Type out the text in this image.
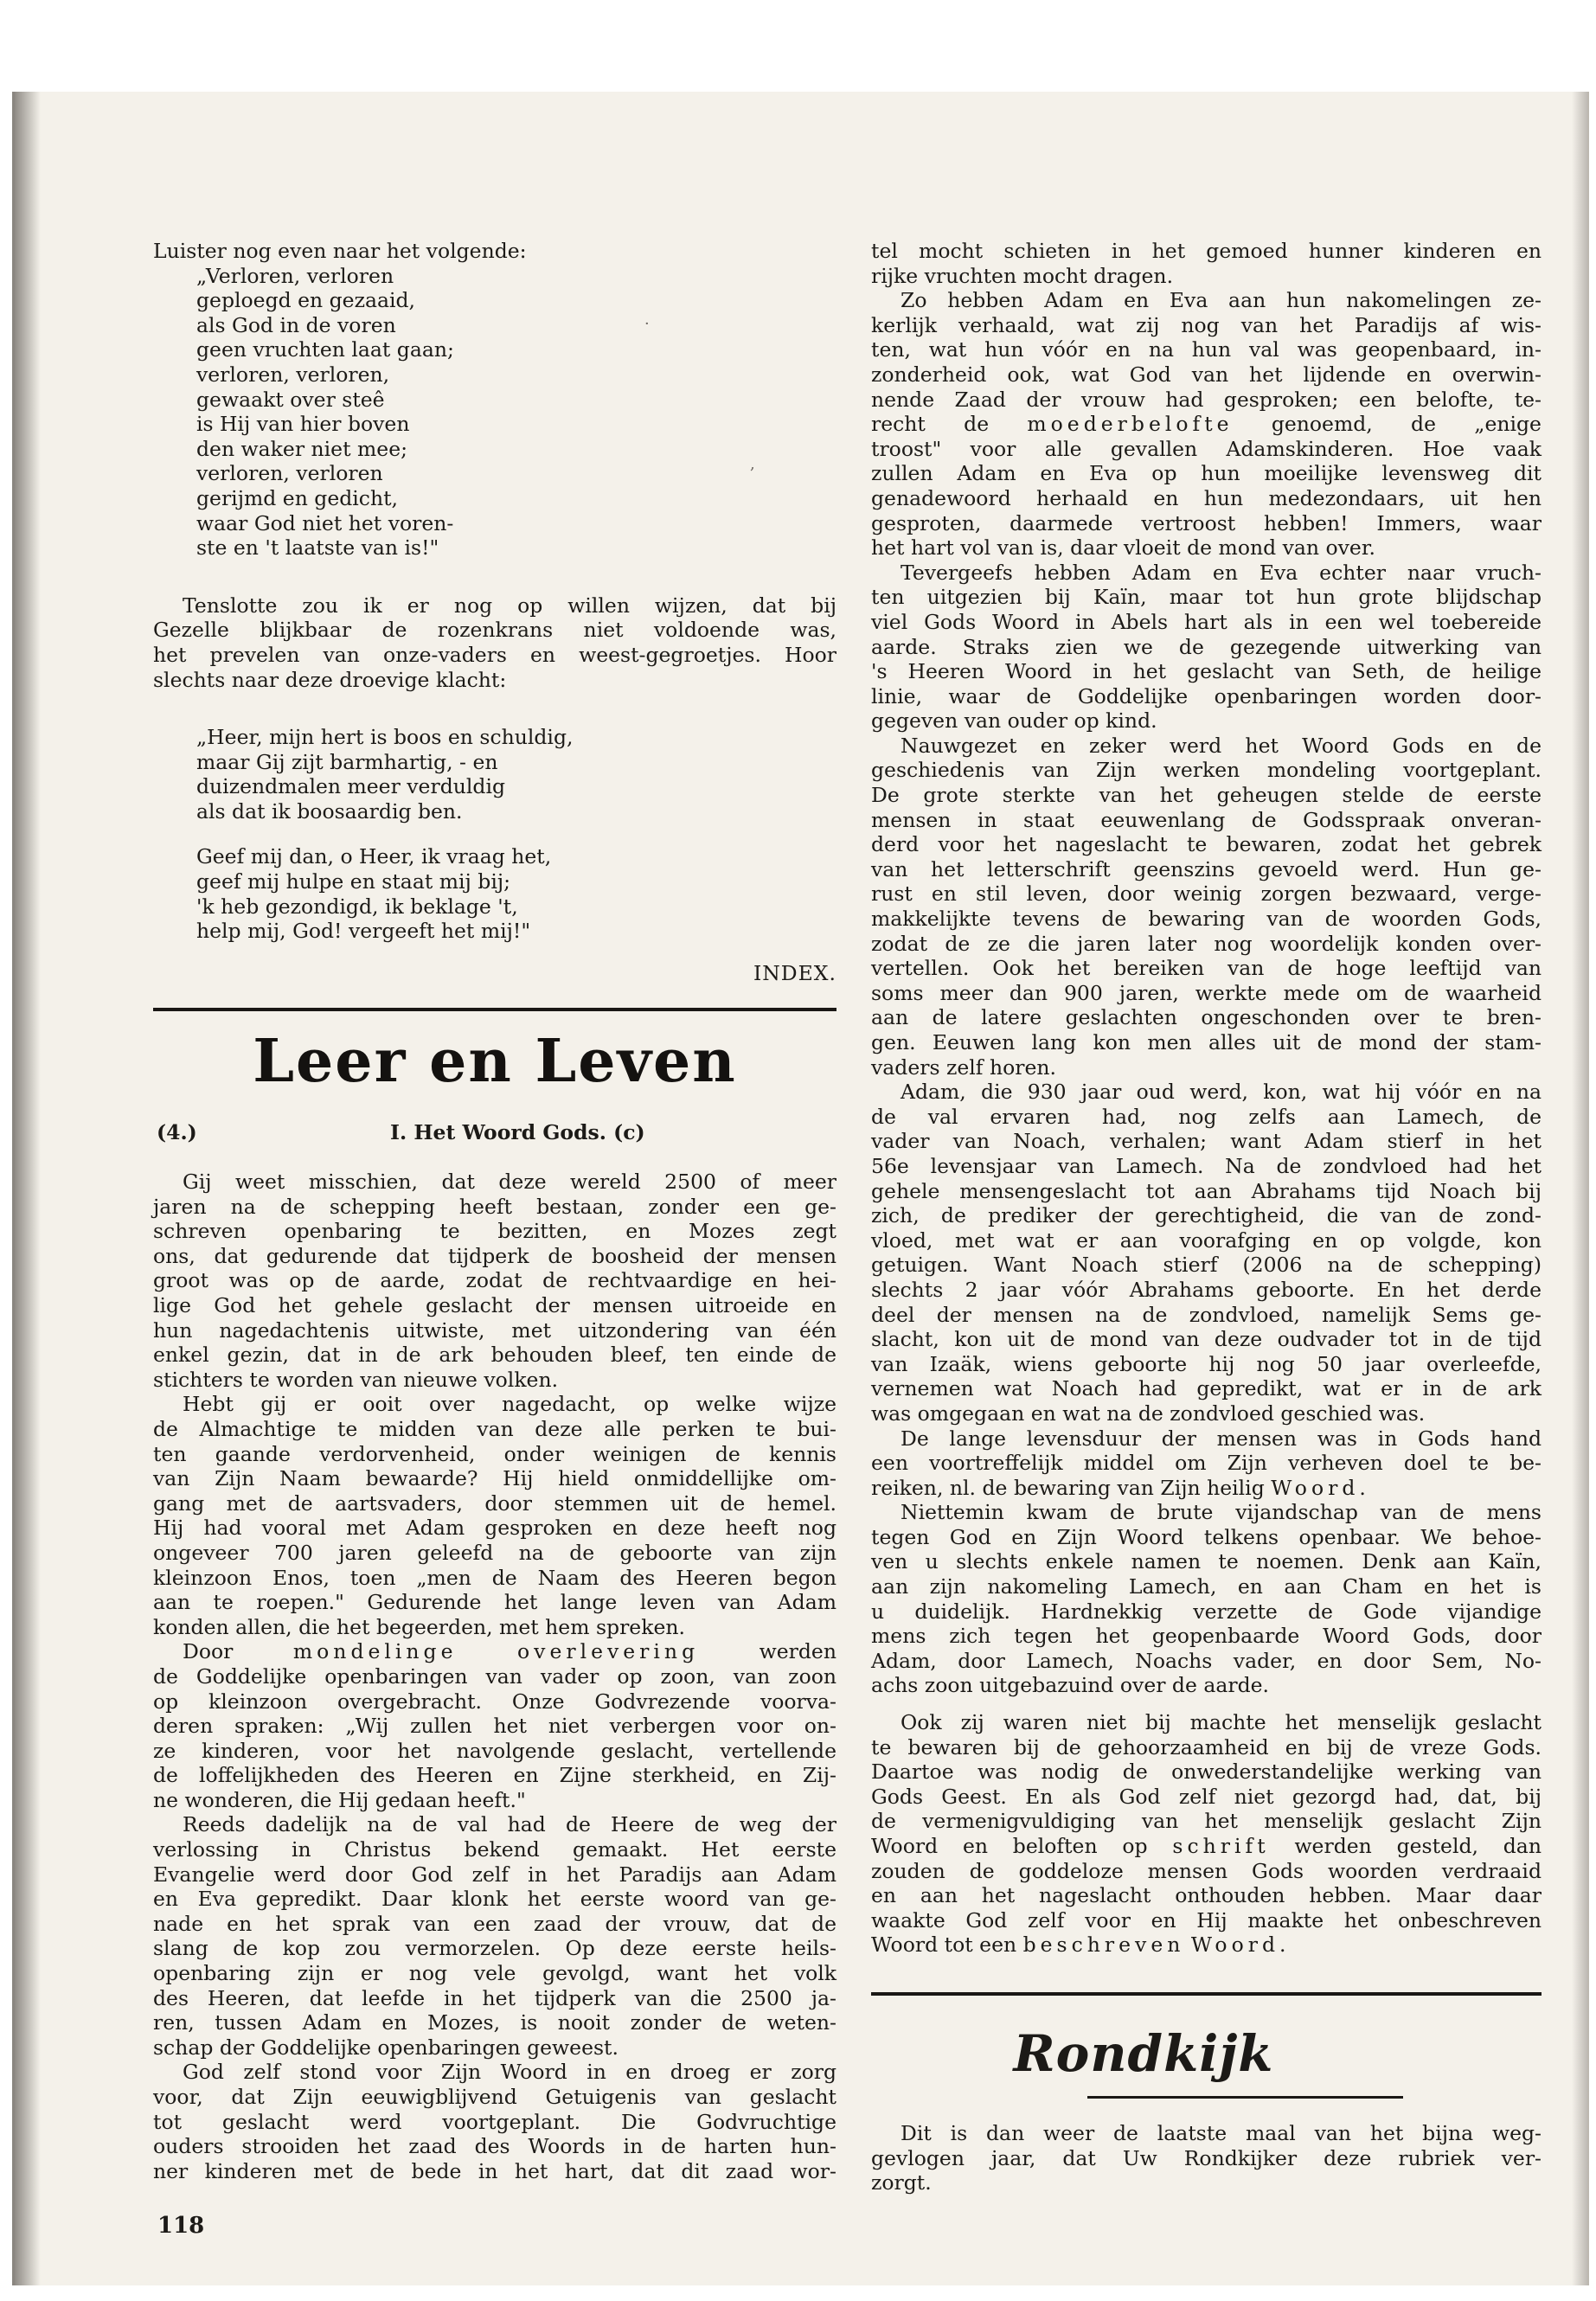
Luister nog even naar het volgende:
„Verloren, verloren
geploegd en gezaaid,
als God in de voren
geen vruchten laat gaan;
verloren, verloren,
gewaakt over steê
is Hij van hier boven
den waker niet mee;
verloren, verloren
gerijmd en gedicht,
waar God niet het voren-
ste en 't laatste van is!"
Tenslotte zou ik er nog op willen wijzen, dat bij
Gezelle blijkbaar de rozenkrans niet voldoende was,
het prevelen van onze-vaders en weest-gegroetjes. Hoor
slechts naar deze droevige klacht:
„Heer, mijn hert is boos en schuldig,
maar Gij zijt barmhartig, - en
duizendmalen meer verduldig
als dat ik boosaardig ben.
Geef mij dan, o Heer, ik vraag het,
geef mij hulpe en staat mij bij;
'k heb gezondigd, ik beklage 't,
help mij, God! vergeeft het mij!"
INDEX.
Leer en Leven
(4.)	I. Het Woord Gods. (c)
Gij weet misschien, dat deze wereld 2500 of meer
jaren na de schepping heeft bestaan, zonder een ge-
schreven openbaring te bezitten, en Mozes zegt
ons, dat gedurende dat tijdperk de boosheid der mensen
groot was op de aarde, zodat de rechtvaardige en hei-
lige God het gehele geslacht der mensen uitroeide en
hun nagedachtenis uitwiste, met uitzondering van één
enkel gezin, dat in de ark behouden bleef, ten einde de
stichters te worden van nieuwe volken.
Hebt gij er ooit over nagedacht, op welke wijze
de Almachtige te midden van deze alle perken te bui-
ten gaande verdorvenheid, onder weinigen de kennis
van Zijn Naam bewaarde? Hij hield onmiddellijke om-
gang met de aartsvaders, door stemmen uit de hemel.
Hij had vooral met Adam gesproken en deze heeft nog
ongeveer 700 jaren geleefd na de geboorte van zijn
kleinzoon Enos, toen „men de Naam des Heeren begon
aan te roepen." Gedurende het lange leven van Adam
konden allen, die het begeerden, met hem spreken.
Door	mondelinge	overlevering	werden
de Goddelijke openbaringen van vader op zoon, van zoon
op kleinzoon overgebracht. Onze Godvrezende voorva-
deren spraken: „Wij zullen het niet verbergen voor on-
ze kinderen, voor het navolgende geslacht, vertellende
de loffelijkheden des Heeren en Zijne sterkheid, en Zij-
ne wonderen, die Hij gedaan heeft."
Reeds dadelijk na de val had de Heere de weg der
verlossing in Christus bekend gemaakt. Het eerste
Evangelie werd door God zelf in het Paradijs aan Adam
en Eva gepredikt. Daar klonk het eerste woord van ge-
nade en het sprak van een zaad der vrouw, dat de
slang de kop zou vermorzelen. Op deze eerste heils-
openbaring zijn er nog vele gevolgd, want het volk
des Heeren, dat leefde in het tijdperk van die 2500 ja-
ren, tussen Adam en Mozes, is nooit zonder de weten-
schap der Goddelijke openbaringen geweest.
God zelf stond voor Zijn Woord in en droeg er zorg
voor, dat Zijn eeuwigblijvend Getuigenis van geslacht
tot geslacht werd voortgeplant. Die Godvruchtige
ouders strooiden het zaad des Woords in de harten hun-
ner kinderen met de bede in het hart, dat dit zaad wor-
tel mocht schieten in het gemoed hunner kinderen en
rijke vruchten mocht dragen.
Zo hebben Adam en Eva aan hun nakomelingen ze-
kerlijk verhaald, wat zij nog van het Paradijs af wis-
ten, wat hun vóór en na hun val was geopenbaard, in-
zonderheid ook, wat God van het lijdende en overwin-
nende Zaad der vrouw had gesproken; een belofte, te-
recht de moederbelofte genoemd, de „enige
troost" voor alle gevallen Adamskinderen. Hoe vaak
zullen Adam en Eva op hun moeilijke levensweg dit
genadewoord herhaald en hun medezondaars, uit hen
gesproten, daarmede vertroost hebben! Immers, waar
het hart vol van is, daar vloeit de mond van over.
Tevergeefs hebben Adam en Eva echter naar vruch-
ten uitgezien bij Kaïn, maar tot hun grote blijdschap
viel Gods Woord in Abels hart als in een wel toebereide
aarde. Straks zien we de gezegende uitwerking van
's Heeren Woord in het geslacht van Seth, de heilige
linie, waar de Goddelijke openbaringen worden door-
gegeven van ouder op kind.
Nauwgezet en zeker werd het Woord Gods en de
geschiedenis van Zijn werken mondeling voortgeplant.
De grote sterkte van het geheugen stelde de eerste
mensen in staat eeuwenlang de Godsspraak onveran-
derd voor het nageslacht te bewaren, zodat het gebrek
van het letterschrift geenszins gevoeld werd. Hun ge-
rust en stil leven, door weinig zorgen bezwaard, verge-
makkelijkte tevens de bewaring van de woorden Gods,
zodat de ze die jaren later nog woordelijk konden over-
vertellen. Ook het bereiken van de hoge leeftijd van
soms meer dan 900 jaren, werkte mede om de waarheid
aan de latere geslachten ongeschonden over te bren-
gen. Eeuwen lang kon men alles uit de mond der stam-
vaders zelf horen.
Adam, die 930 jaar oud werd, kon, wat hij vóór en na
de val ervaren had, nog zelfs aan Lamech, de
vader van Noach, verhalen; want Adam stierf in het
56e levensjaar van Lamech. Na de zondvloed had het
gehele mensengeslacht tot aan Abrahams tijd Noach bij
zich, de prediker der gerechtigheid, die van de zond-
vloed, met wat er aan voorafging en op volgde, kon
getuigen. Want Noach stierf (2006 na de schepping)
slechts 2 jaar vóór Abrahams geboorte. En het derde
deel der mensen na de zondvloed, namelijk Sems ge-
slacht, kon uit de mond van deze oudvader tot in de tijd
van Izaäk, wiens geboorte hij nog 50 jaar overleefde,
vernemen wat Noach had gepredikt, wat er in de ark
was omgegaan en wat na de zondvloed geschied was.
De lange levensduur der mensen was in Gods hand
een voortreffelijk middel om Zijn verheven doel te be-
reiken, nl. de bewaring van Zijn heilig Woord.
Niettemin kwam de brute vijandschap van de mens
tegen God en Zijn Woord telkens openbaar. We behoe-
ven u slechts enkele namen te noemen. Denk aan Kaïn,
aan zijn nakomeling Lamech, en aan Cham en het is
u duidelijk. Hardnekkig verzette de Gode vijandige
mens zich tegen het geopenbaarde Woord Gods, door
Adam, door Lamech, Noachs vader, en door Sem, No-
achs zoon uitgebazuind over de aarde.
Ook zij waren niet bij machte het menselijk geslacht
te bewaren bij de gehoorzaamheid en bij de vreze Gods.
Daartoe was nodig de onwederstandelijke werking van
Gods Geest. En als God zelf niet gezorgd had, dat, bij
de vermenigvuldiging van het menselijk geslacht Zijn
Woord en beloften op schrift werden gesteld, dan
zouden de goddeloze mensen Gods woorden verdraaid
en aan het nageslacht onthouden hebben. Maar daar
waakte God zelf voor en Hij maakte het onbeschreven
Woord tot een beschreven Woord.
Rondkijk
Dit is dan weer de laatste maal van het bijna weg-
gevlogen jaar, dat Uw Rondkijker deze rubriek ver-
zorgt.
118
·
,
